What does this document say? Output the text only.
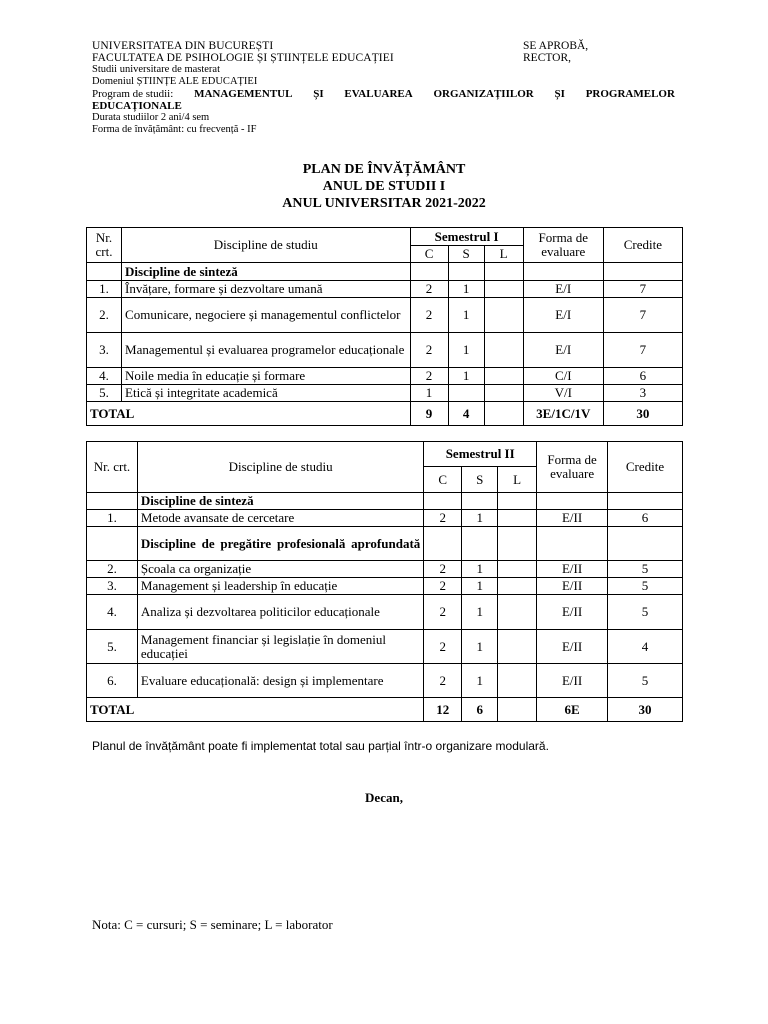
UNIVERSITATEA DIN BUCUREȘTI
FACULTATEA DE PSIHOLOGIE ȘI ȘTIINȚELE EDUCAȚIEI
Studii universitare de masterat
Domeniul ȘTIINȚE ALE EDUCAȚIEI
Program de studii: MANAGEMENTUL ȘI EVALUAREA ORGANIZAȚIILOR ȘI PROGRAMELOR
EDUCAȚIONALE
Durata studiilor 2 ani/4 sem
Forma de învățământ: cu frecvență - IF
SE APROBĂ,
RECTOR,
PLAN DE ÎNVĂȚĂMÂNT
ANUL DE STUDII I
ANUL UNIVERSITAR 2021-2022
Nr. crt.	Discipline de studiu	Semestrul I			Forma de evaluare	Credite
		C	S	L		
	Discipline de sinteză					
1.	Învățare, formare și dezvoltare umană	2	1		E/I	7
2.	Comunicare, negociere și managementul conflictelor	2	1		E/I	7
3.	Managementul și evaluarea programelor educaționale	2	1		E/I	7
4.	Noile media în educație și formare	2	1		C/I	6
5.	Etică și integritate academică	1			V/I	3
TOTAL		9	4		3E/1C/1V	30
Nr. crt.	Discipline de studiu	Semestrul II			Forma de evaluare	Credite
		C	S	L		
	Discipline de sinteză					
1.	Metode avansate de cercetare	2	1		E/II	6
	Discipline de pregătire profesională aprofundată					
2.	Școala ca organizație	2	1		E/II	5
3.	Management și leadership în educație	2	1		E/II	5
4.	Analiza și dezvoltarea politicilor educaționale	2	1		E/II	5
5.	Management financiar și legislație în domeniul educației	2	1		E/II	4
6.	Evaluare educațională: design și implementare	2	1		E/II	5
TOTAL		12	6		6E	30
Planul de învățământ poate fi implementat total sau parțial într-o organizare modulară.
Decan,
Nota: C = cursuri; S = seminare; L = laborator
